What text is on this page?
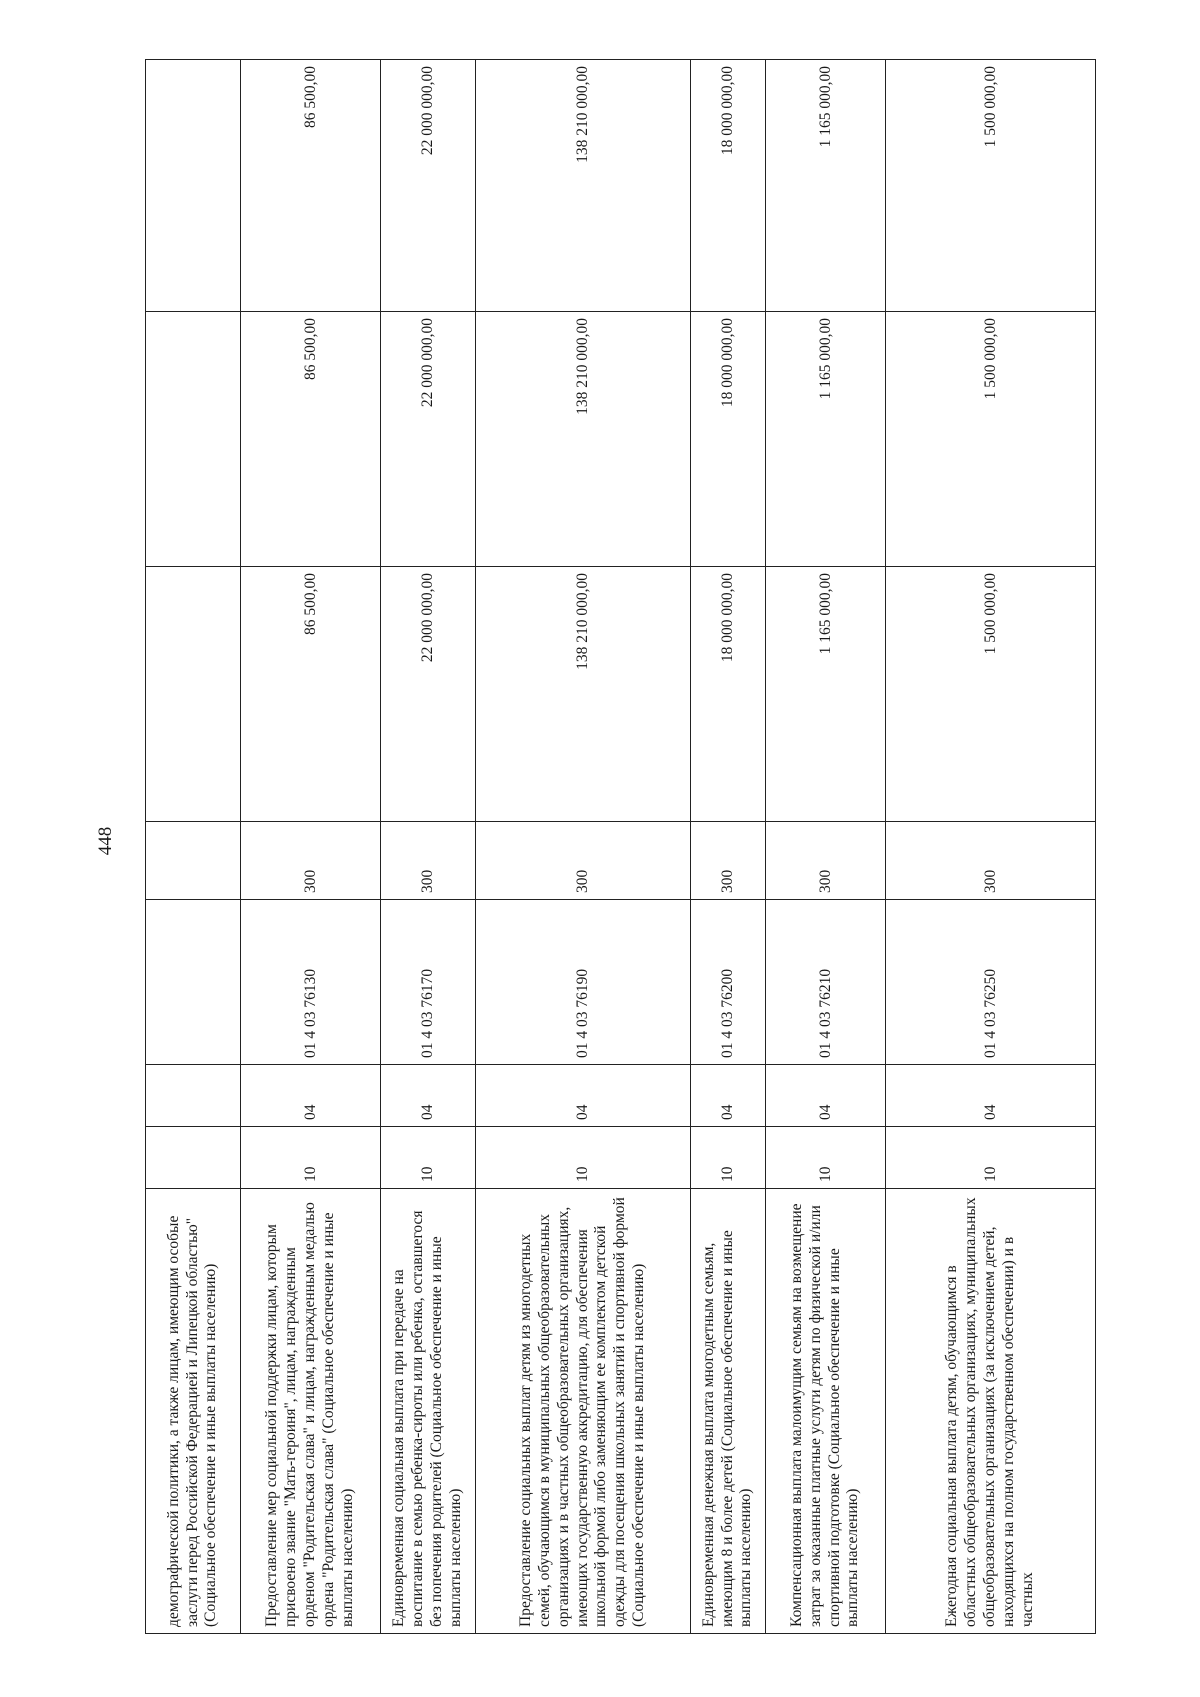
448
демографической политики, а также лицам, имеющим особые заслуги перед Российской Федерацией и Липецкой областью" (Социальное обеспечение и иные выплаты населению)							
Предоставление мер социальной поддержки лицам, которым присвоено звание "Мать-героиня", лицам, награжденным орденом "Родительская слава" и лицам, награжденным медалью ордена "Родительская слава" (Социальное обеспечение и иные выплаты населению)	10	04	01 4 03 76130	300	86 500,00	86 500,00	86 500,00
Единовременная социальная выплата при передаче на воспитание в семью ребенка-сироты или ребенка, оставшегося без попечения родителей (Социальное обеспечение и иные выплаты населению)	10	04	01 4 03 76170	300	22 000 000,00	22 000 000,00	22 000 000,00
Предоставление социальных выплат детям из многодетных семей, обучающимся в муниципальных общеобразовательных организациях и в частных общеобразовательных организациях, имеющих государственную аккредитацию, для обеспечения школьной формой либо заменяющим ее комплектом детской одежды для посещения школьных занятий и спортивной формой (Социальное обеспечение и иные выплаты населению)	10	04	01 4 03 76190	300	138 210 000,00	138 210 000,00	138 210 000,00
Единовременная денежная выплата многодетным семьям, имеющим 8 и более детей (Социальное обеспечение и иные выплаты населению)	10	04	01 4 03 76200	300	18 000 000,00	18 000 000,00	18 000 000,00
Компенсационная выплата малоимущим семьям на возмещение затрат за оказанные платные услуги детям по физической и/или спортивной подготовке (Социальное обеспечение и иные выплаты населению)	10	04	01 4 03 76210	300	1 165 000,00	1 165 000,00	1 165 000,00
Ежегодная социальная выплата детям, обучающимся в областных общеобразовательных организациях, муниципальных общеобразовательных организациях (за исключением детей, находящихся на полном государственном обеспечении) и в частных	10	04	01 4 03 76250	300	1 500 000,00	1 500 000,00	1 500 000,00
